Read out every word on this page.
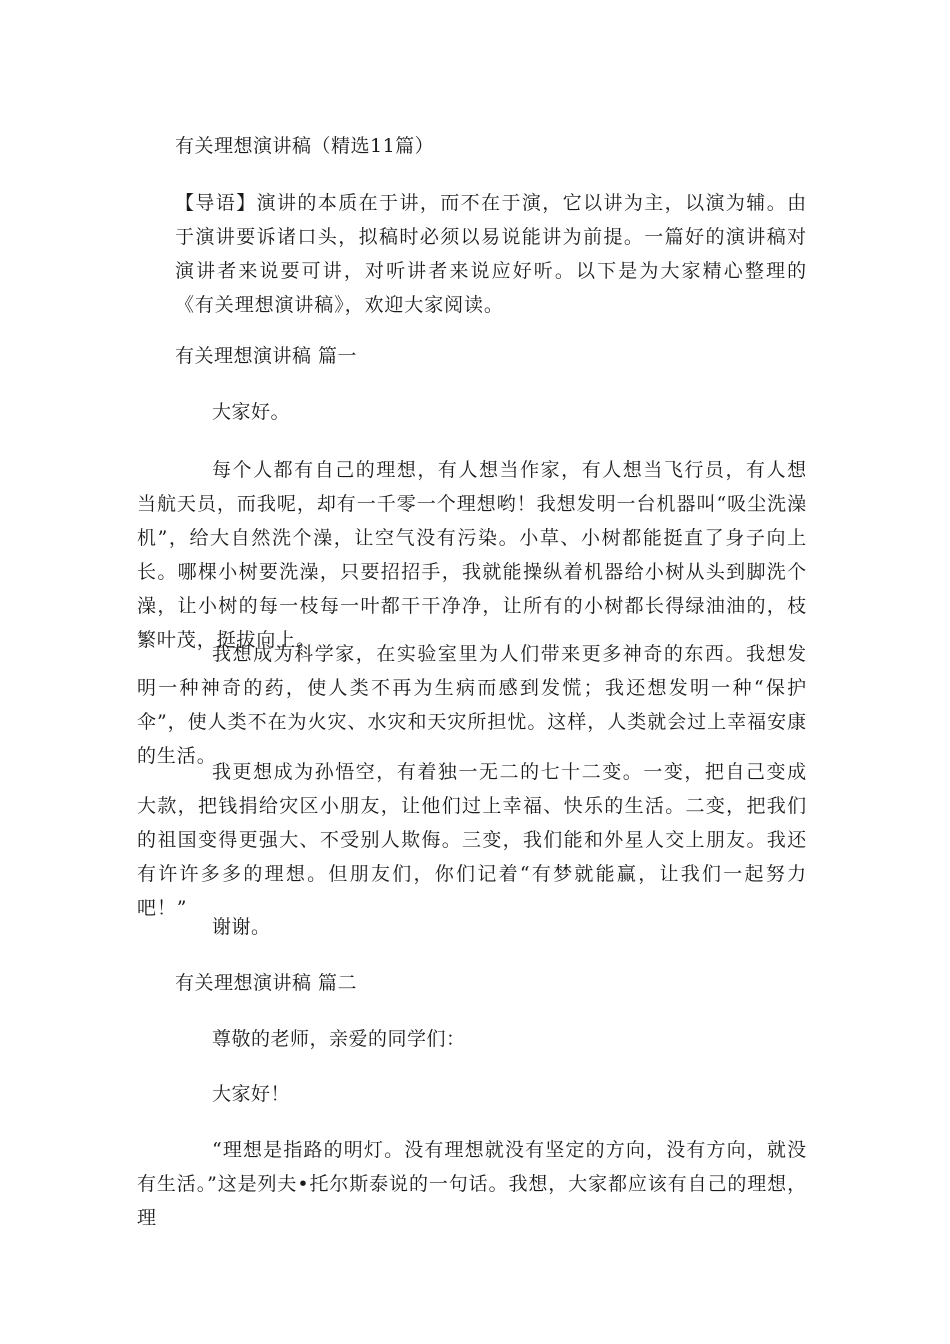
有关理想演讲稿（精选11篇）

【导语】演讲的本质在于讲，而不在于演，它以讲为主，以演为辅。由于演讲要诉诸口头，拟稿时必须以易说能讲为前提。一篇好的演讲稿对演讲者来说要可讲，对听讲者来说应好听。以下是为大家精心整理的《有关理想演讲稿》，欢迎大家阅读。

有关理想演讲稿 篇一

大家好。

每个人都有自己的理想，有人想当作家，有人想当飞行员，有人想当航天员，而我呢，却有一千零一个理想哟！我想发明一台机器叫“吸尘洗澡机”，给大自然洗个澡，让空气没有污染。小草、小树都能挺直了身子向上长。哪棵小树要洗澡，只要招招手，我就能操纵着机器给小树从头到脚洗个澡，让小树的每一枝每一叶都干干净净，让所有的小树都长得绿油油的，枝繁叶茂，挺拔向上。

我想成为科学家，在实验室里为人们带来更多神奇的东西。我想发明一种神奇的药，使人类不再为生病而感到发慌；我还想发明一种“保护伞”，使人类不在为火灾、水灾和天灾所担忧。这样，人类就会过上幸福安康的生活。

我更想成为孙悟空，有着独一无二的七十二变。一变，把自己变成大款，把钱捐给灾区小朋友，让他们过上幸福、快乐的生活。二变，把我们的祖国变得更强大、不受别人欺侮。三变，我们能和外星人交上朋友。我还有许许多多的理想。但朋友们，你们记着“有梦就能赢，让我们一起努力吧！”

谢谢。

有关理想演讲稿 篇二

尊敬的老师，亲爱的同学们：

大家好！

“理想是指路的明灯。没有理想就没有坚定的方向，没有方向，就没有生活。”这是列夫•托尔斯泰说的一句话。我想，大家都应该有自己的理想，理
